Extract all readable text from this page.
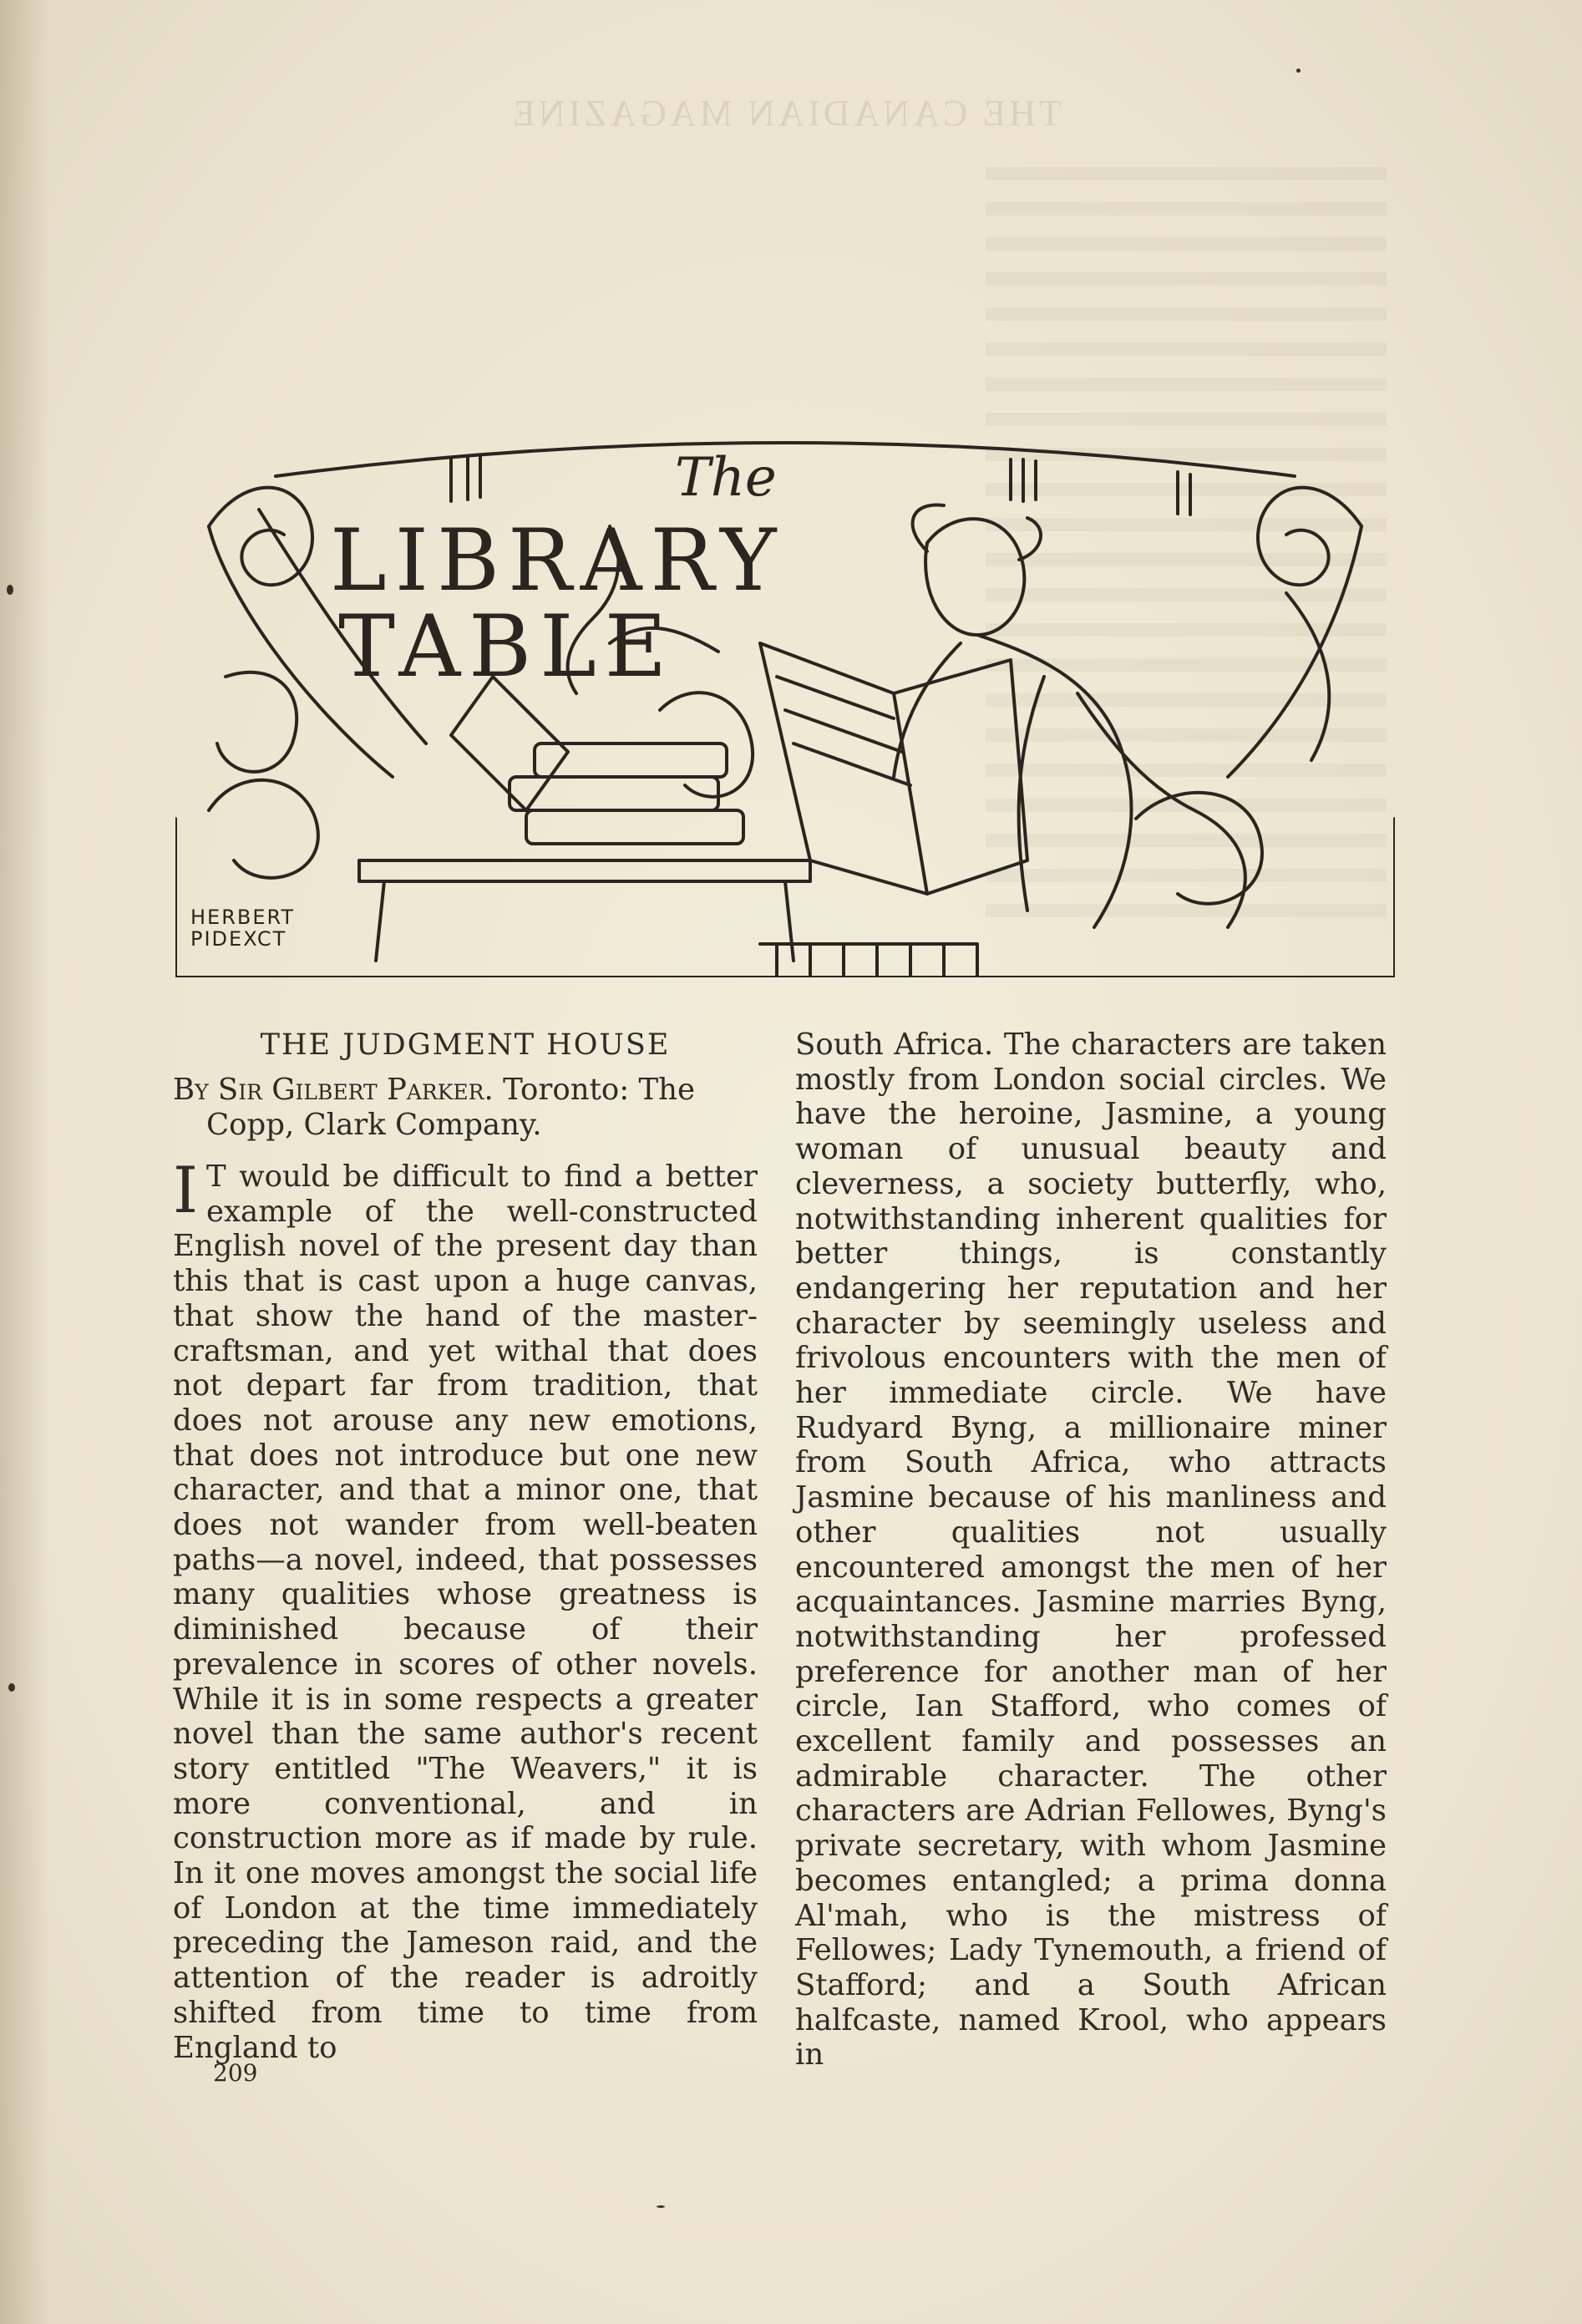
THE CANADIAN MAGAZINE
The
LIBRARY
TABLE
HERBERT
PIDEXCT
THE JUDGMENT HOUSE
By Sir Gilbert Parker. Toronto: The Copp, Clark Company.

I T would be difficult to find a better example of the well-constructed English novel of the present day than this that is cast upon a huge canvas, that show the hand of the master-craftsman, and yet withal that does not depart far from tradition, that does not arouse any new emotions, that does not introduce but one new character, and that a minor one, that does not wander from well-beaten paths—a novel, indeed, that possesses many qualities whose greatness is diminished because of their prevalence in scores of other novels. While it is in some respects a greater novel than the same author's recent story entitled "The Weavers," it is more conventional, and in construction more as if made by rule. In it one moves amongst the social life of London at the time immediately preceding the Jameson raid, and the attention of the reader is adroitly shifted from time to time from England to

South Africa. The characters are taken mostly from London social circles. We have the heroine, Jasmine, a young woman of unusual beauty and cleverness, a society butterfly, who, notwithstanding inherent qualities for better things, is constantly endangering her reputation and her character by seemingly useless and frivolous encounters with the men of her immediate circle. We have Rudyard Byng, a millionaire miner from South Africa, who attracts Jasmine because of his manliness and other qualities not usually encountered amongst the men of her acquaintances. Jasmine marries Byng, notwithstanding her professed preference for another man of her circle, Ian Stafford, who comes of excellent family and possesses an admirable character. The other characters are Adrian Fellowes, Byng's private secretary, with whom Jasmine becomes entangled; a prima donna Al'mah, who is the mistress of Fellowes; Lady Tynemouth, a friend of Stafford; and a South African halfcaste, named Krool, who appears in

209
